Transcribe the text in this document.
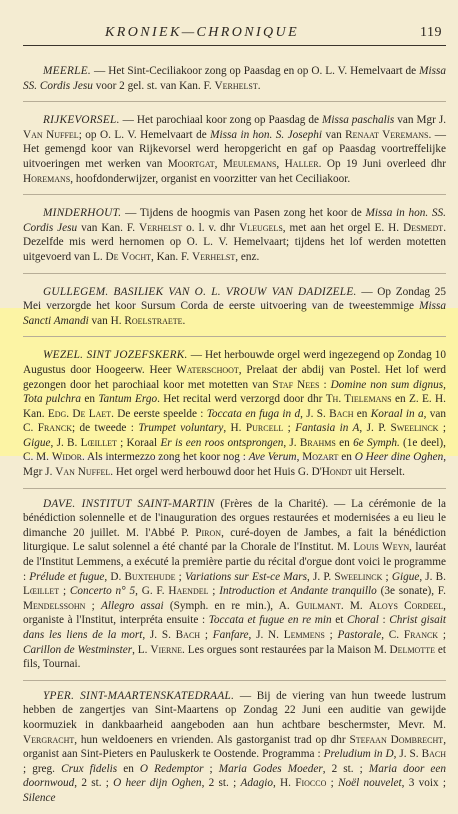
KRONIEK—CHRONIQUE	119

MEERLE. — Het Sint-Ceciliakoor zong op Paasdag en op O. L. V. Hemelvaart de Missa SS. Cordis Jesu voor 2 gel. st. van Kan. F. Verhelst.

RIJKEVORSEL. — Het parochiaal koor zong op Paasdag de Missa paschalis van Mgr J. Van Nuffel; op O. L. V. Hemelvaart de Missa in hon. S. Josephi van Renaat Veremans. — Het gemengd koor van Rijkevorsel werd heropgericht en gaf op Paasdag voortreffelijke uitvoeringen met werken van Moortgat, Meulemans, Haller. Op 19 Juni overleed dhr Horemans, hoofdonderwijzer, organist en voorzitter van het Ceciliakoor.

MINDERHOUT. — Tijdens de hoogmis van Pasen zong het koor de Missa in hon. SS. Cordis Jesu van Kan. F. Verhelst o. l. v. dhr Vleugels, met aan het orgel E. H. Desmedt. Dezelfde mis werd hernomen op O. L. V. Hemelvaart; tijdens het lof werden motetten uitgevoerd van L. De Vocht, Kan. F. Verhelst, enz.

GULLEGEM. BASILIEK VAN O. L. VROUW VAN DADIZELE. — Op Zondag 25 Mei verzorgde het koor Sursum Corda de eerste uitvoering van de tweestemmige Missa Sancti Amandi van H. Roelstraete.

WEZEL. SINT JOZEFSKERK. — Het herbouwde orgel werd ingezegend op Zondag 10 Augustus door Hoogeerw. Heer Waterschoot, Prelaat der abdij van Postel. Het lof werd gezongen door het parochiaal koor met motetten van Staf Nees : Domine non sum dignus, Tota pulchra en Tantum Ergo. Het recital werd verzorgd door dhr Th. Tielemans en Z. E. H. Kan. Edg. De Laet. De eerste speelde : Toccata en fuga in d, J. S. Bach en Koraal in a, van C. Franck; de tweede : Trumpet voluntary, H. Purcell ; Fantasia in A, J. P. Sweelinck ; Gigue, J. B. Lœillet ; Koraal Er is een roos ontsprongen, J. Brahms en 6e Symph. (1e deel), C. M. Widor. Als intermezzo zong het koor nog : Ave Verum, Mozart en O Heer dine Oghen, Mgr J. Van Nuffel. Het orgel werd herbouwd door het Huis G. D'Hondt uit Herselt.

DAVE. INSTITUT SAINT-MARTIN (Frères de la Charité). — La cérémonie de la bénédiction solennelle et de l'inauguration des orgues restaurées et modernisées a eu lieu le dimanche 20 juillet. M. l'Abbé P. Piron, curé-doyen de Jambes, a fait la bénédiction liturgique. Le salut solennel a été chanté par la Chorale de l'Institut. M. Louis Weyn, lauréat de l'Institut Lemmens, a exécuté la première partie du récital d'orgue dont voici le programme : Prélude et fugue, D. Buxtehude ; Variations sur Est-ce Mars, J. P. Sweelinck ; Gigue, J. B. Lœillet ; Concerto n° 5, G. F. Haendel ; Introduction et Andante tranquillo (3e sonate), F. Mendelssohn ; Allegro assai (Symph. en re min.), A. Guilmant. M. Aloys Cordeel, organiste à l'Institut, interpréta ensuite : Toccata et fugue en re min et Choral : Christ gisait dans les liens de la mort, J. S. Bach ; Fanfare, J. N. Lemmens ; Pastorale, C. Franck ; Carillon de Westminster, L. Vierne. Les orgues sont restaurées par la Maison M. Delmotte et fils, Tournai.

YPER. SINT-MAARTENSKATEDRAAL. — Bij de viering van hun tweede lustrum hebben de zangertjes van Sint-Maartens op Zondag 22 Juni een auditie van gewijde koormuziek in dankbaarheid aangeboden aan hun achtbare beschermster, Mevr. M. Vergracht, hun weldoeners en vrienden. Als gastorganist trad op dhr Stefaan Dombrecht, organist aan Sint-Pieters en Pauluskerk te Oostende. Programma : Preludium in D, J. S. Bach ; greg. Crux fidelis en O Redemptor ; Maria Godes Moeder, 2 st. ; Maria door een doornwoud, 2 st. ; O heer dijn Oghen, 2 st. ; Adagio, H. Fiocco ; Noël nouvelet, 3 voix ; Silence
